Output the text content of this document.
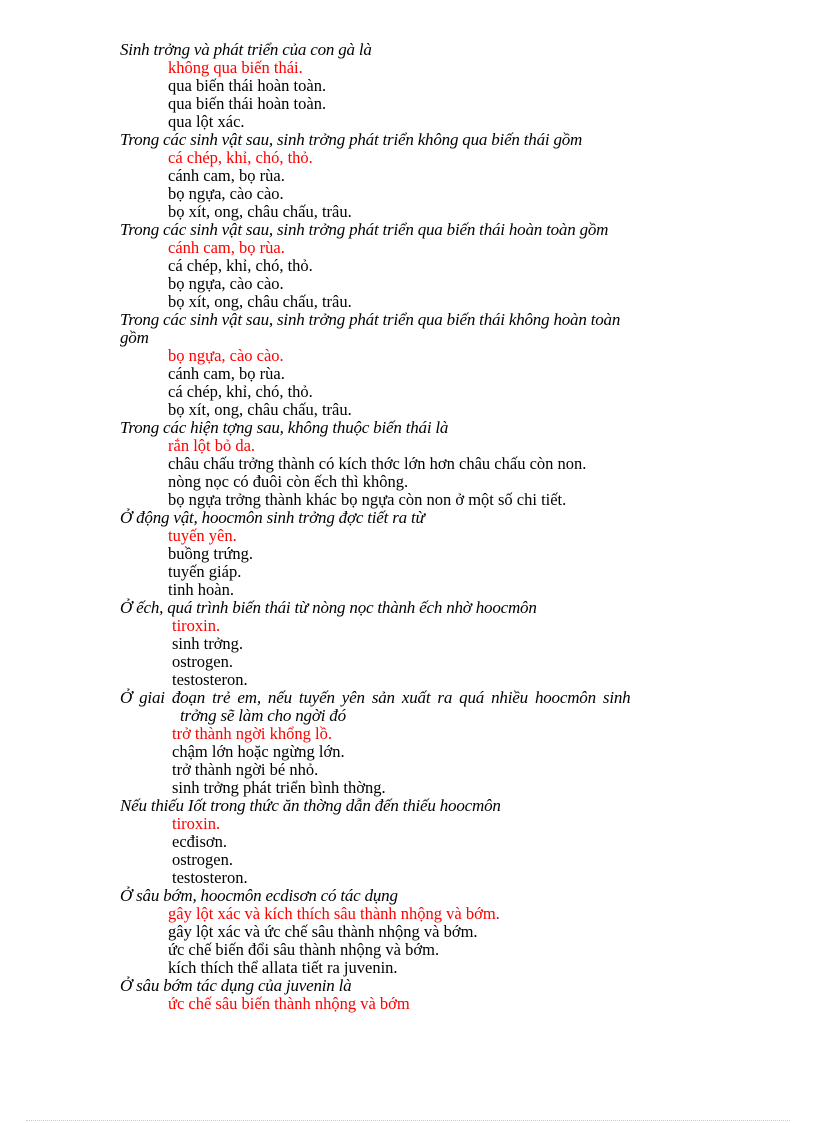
Sinh trởng và phát triển của con gà là
không qua biến thái.
qua biến thái hoàn toàn.
qua biến thái hoàn toàn.
qua lột xác.
Trong các sinh vật sau, sinh trởng phát triển không qua biến thái gồm
cá chép, khỉ, chó, thỏ.
cánh cam, bọ rùa.
bọ ngựa, cào cào.
bọ xít, ong, châu chấu, trâu.
Trong các sinh vật sau, sinh trởng phát triển qua biến thái hoàn toàn gồm
cánh cam, bọ rùa.
cá chép, khỉ, chó, thỏ.
bọ ngựa, cào cào.
bọ xít, ong, châu chấu, trâu.
Trong các sinh vật sau, sinh trởng phát triển qua biến thái không hoàn toàn
gồm
bọ ngựa, cào cào.
cánh cam, bọ rùa.
cá chép, khỉ, chó, thỏ.
bọ xít, ong, châu chấu, trâu.
Trong các hiện tợng sau, không thuộc biến thái là
rắn lột bỏ da.
châu chấu trởng thành có kích thớc lớn hơn châu chấu còn non.
nòng nọc có đuôi còn ếch thì không.
bọ ngựa trởng thành khác bọ ngựa còn non ở một số chi tiết.
Ở động vật, hoocmôn sinh trởng đợc tiết ra từ
tuyến yên.
buồng trứng.
tuyến giáp.
tinh hoàn.
Ở ếch, quá trình biến thái từ nòng nọc thành ếch nhờ hoocmôn
tiroxin.
sinh trởng.
ostrogen.
testosteron.
Ở giai đoạn trẻ em, nếu tuyến yên sản xuất ra quá nhiều hoocmôn sinh
trởng sẽ làm cho ngời đó
trở thành ngời khổng lồ.
chậm lớn hoặc ngừng lớn.
trở thành ngời bé nhỏ.
sinh trởng phát triển bình thờng.
Nếu thiếu Iốt trong thức ăn thờng dẫn đến thiếu hoocmôn
tiroxin.
ecđisơn.
ostrogen.
testosteron.
Ở sâu bớm, hoocmôn ecdisơn có tác dụng
gây lột xác và kích thích sâu thành nhộng và bớm.
gây lột xác và ức chế sâu thành nhộng và bớm.
ức chế biến đổi sâu thành nhộng và bớm.
kích thích thể allata tiết ra juvenin.
Ở sâu bớm tác dụng của juvenin là
ức chế sâu biến thành nhộng và bớm
